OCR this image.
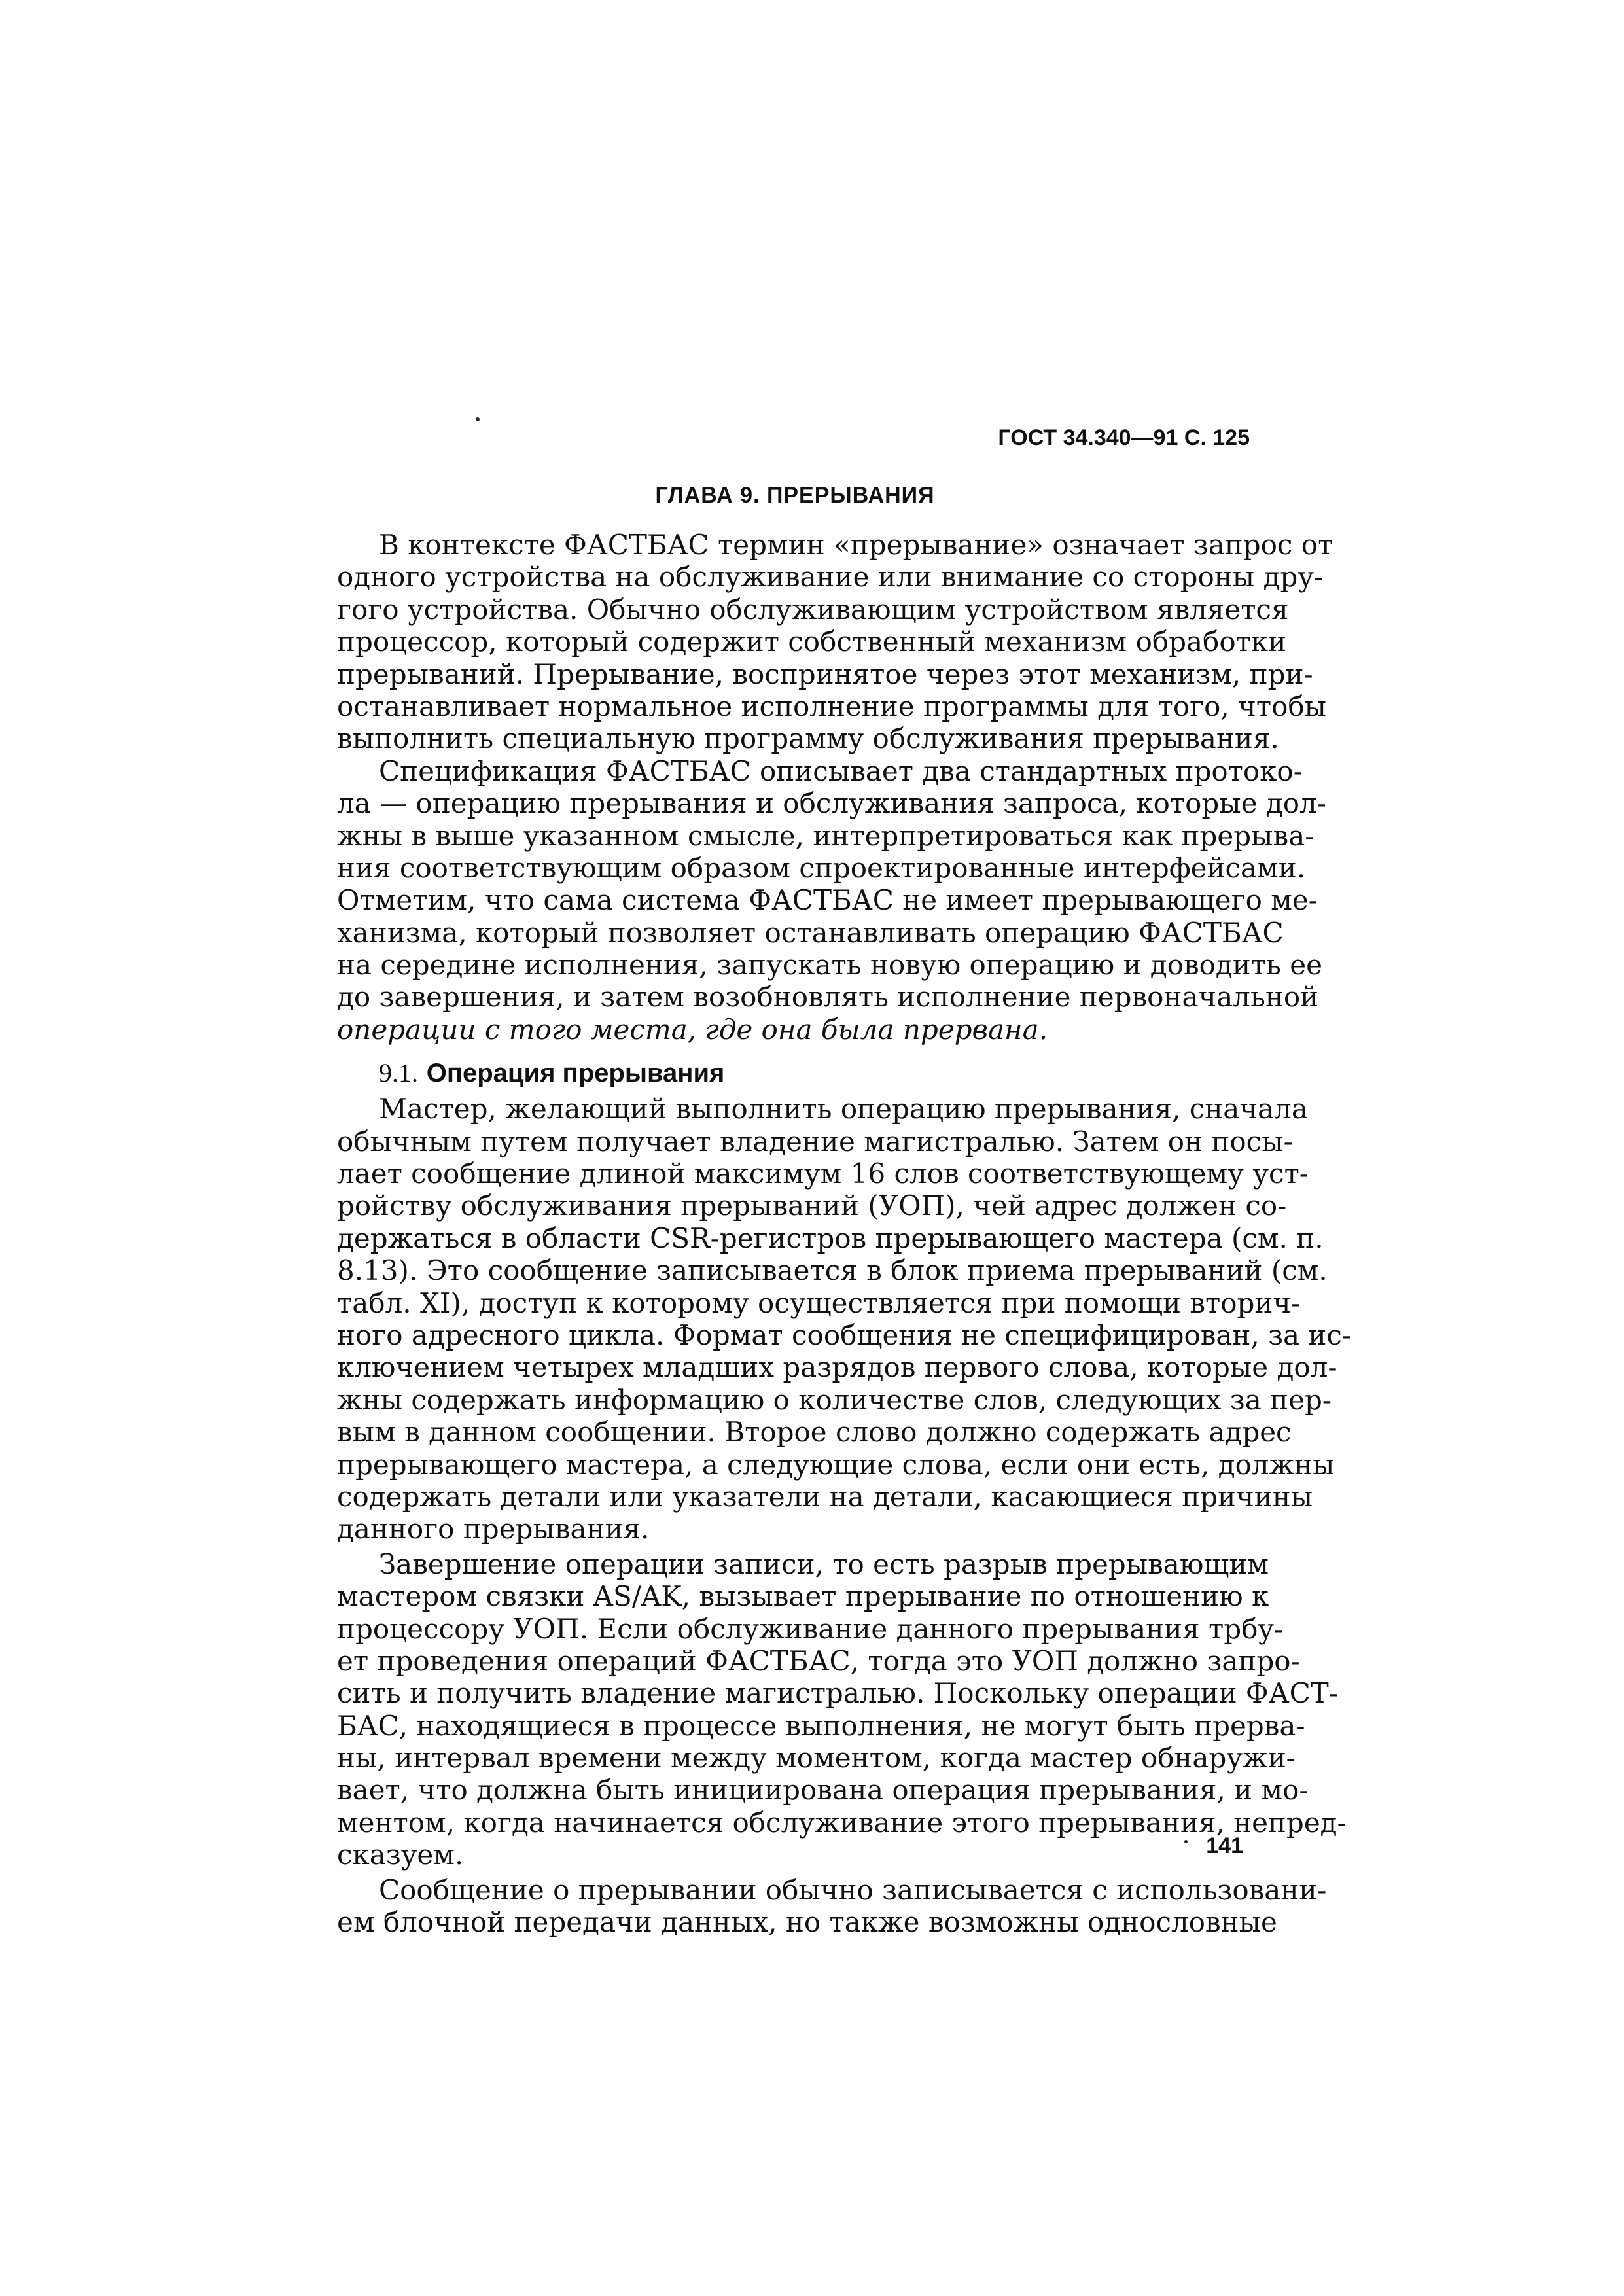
ГОСТ 34.340—91 С. 125
ГЛАВА 9. ПРЕРЫВАНИЯ

В контексте ФАСТБАС термин «прерывание» означает запрос от
одного устройства на обслуживание или внимание со стороны дру-
гого устройства. Обычно обслуживающим устройством является
процессор, который содержит собственный механизм обработки
прерываний. Прерывание, воспринятое через этот механизм, при-
останавливает нормальное исполнение программы для того, чтобы
выполнить специальную программу обслуживания прерывания.

Спецификация ФАСТБАС описывает два стандартных протоко-
ла — операцию прерывания и обслуживания запроса, которые дол-
жны в выше указанном смысле, интерпретироваться как прерыва-
ния соответствующим образом спроектированные интерфейсами.
Отметим, что сама система ФАСТБАС не имеет прерывающего ме-
ханизма, который позволяет останавливать операцию ФАСТБАС
на середине исполнения, запускать новую операцию и доводить ее
до завершения, и затем возобновлять исполнение первоначальной
операции с того места, где она была прервана.

9.1. Операция прерывания

Мастер, желающий выполнить операцию прерывания, сначала
обычным путем получает владение магистралью. Затем он посы-
лает сообщение длиной максимум 16 слов соответствующему уст-
ройству обслуживания прерываний (УОП), чей адрес должен со-
держаться в области CSR-регистров прерывающего мастера (см. п.
8.13). Это сообщение записывается в блок приема прерываний (см.
табл. XI), доступ к которому осуществляется при помощи вторич-
ного адресного цикла. Формат сообщения не специфицирован, за ис-
ключением четырех младших разрядов первого слова, которые дол-
жны содержать информацию о количестве слов, следующих за пер-
вым в данном сообщении. Второе слово должно содержать адрес
прерывающего мастера, а следующие слова, если они есть, должны
содержать детали или указатели на детали, касающиеся причины
данного прерывания.

Завершение операции записи, то есть разрыв прерывающим
мастером связки AS/AK, вызывает прерывание по отношению к
процессору УОП. Если обслуживание данного прерывания трбу-
ет проведения операций ФАСТБАС, тогда это УОП должно запро-
сить и получить владение магистралью. Поскольку операции ФАСТ-
БАС, находящиеся в процессе выполнения, не могут быть прерва-
ны, интервал времени между моментом, когда мастер обнаружи-
вает, что должна быть инициирована операция прерывания, и мо-
ментом, когда начинается обслуживание этого прерывания, непред-
сказуем.

Сообщение о прерывании обычно записывается с использовани-
ем блочной передачи данных, но также возможны однословные

141
